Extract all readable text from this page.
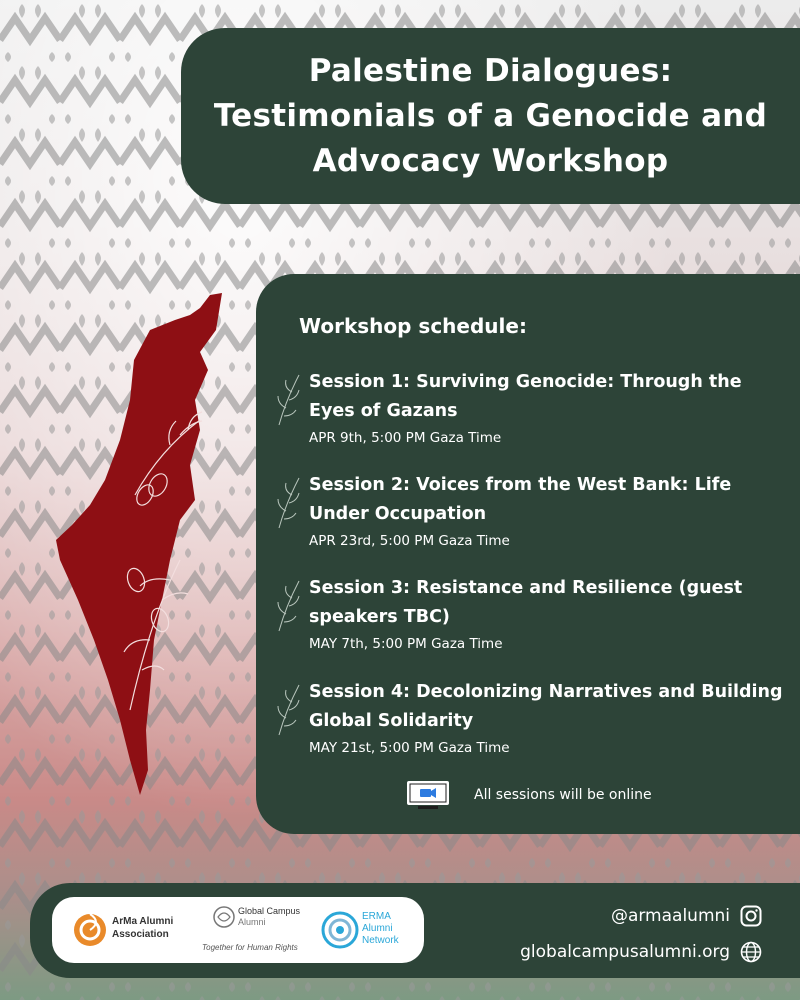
Palestine Dialogues: Testimonials of a Genocide and Advocacy Workshop
Workshop schedule:

Session 1: Surviving Genocide: Through the Eyes of Gazans

APR 9th, 5:00 PM Gaza Time

Session 2: Voices from the West Bank: Life Under Occupation

APR 23rd, 5:00 PM Gaza Time

Session 3: Resistance and Resilience (guest speakers TBC)

MAY 7th, 5:00 PM Gaza Time

Session 4: Decolonizing Narratives and Building Global Solidarity

MAY 21st, 5:00 PM Gaza Time

All sessions will be online
ArMa Alumni
Association
Global Campus
Alumni
Together for Human Rights
ERMA
Alumni
Network
@armaalumni
globalcampusalumni.org
